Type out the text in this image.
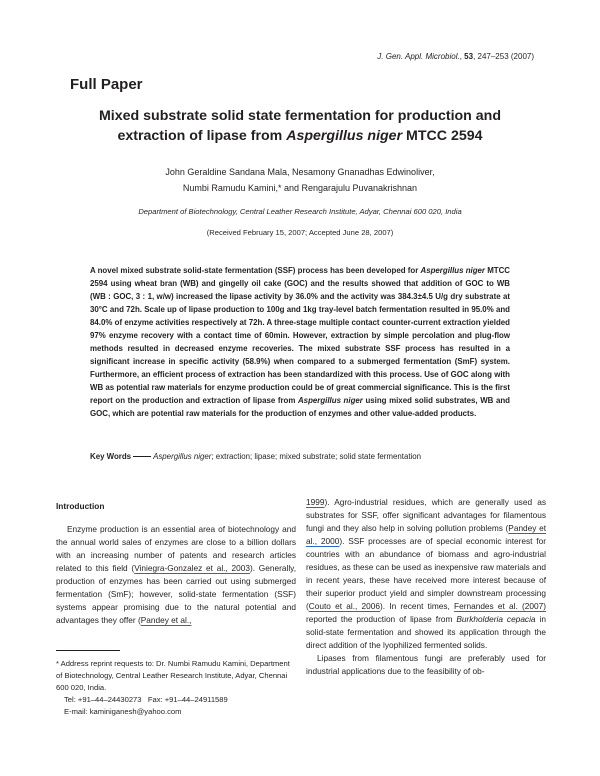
J. Gen. Appl. Microbiol., 53, 247–253 (2007)
Full Paper
Mixed substrate solid state fermentation for production and
extraction of lipase from Aspergillus niger MTCC 2594
John Geraldine Sandana Mala, Nesamony Gnanadhas Edwinoliver,
Numbi Ramudu Kamini,* and Rengarajulu Puvanakrishnan
Department of Biotechnology, Central Leather Research Institute, Adyar, Chennai 600 020, India
(Received February 15, 2007; Accepted June 28, 2007)

A novel mixed substrate solid-state fermentation (SSF) process has been developed for Aspergillus niger MTCC 2594 using wheat bran (WB) and gingelly oil cake (GOC) and the results showed that addition of GOC to WB (WB : GOC, 3 : 1, w/w) increased the lipase activity by 36.0% and the activity was 384.3±4.5 U/g dry substrate at 30°C and 72h. Scale up of lipase production to 100g and 1kg tray-level batch fermentation resulted in 95.0% and 84.0% of enzyme activities respectively at 72h. A three-stage multiple contact counter-current extraction yielded 97% enzyme recovery with a contact time of 60min. However, extraction by simple percolation and plug-flow methods resulted in decreased enzyme recoveries. The mixed substrate SSF process has resulted in a significant increase in specific activity (58.9%) when compared to a submerged fermentation (SmF) system. Furthermore, an efficient process of extraction has been standardized with this process. Use of GOC along with WB as potential raw materials for enzyme production could be of great commercial significance. This is the first report on the production and extraction of lipase from Aspergillus niger using mixed solid substrates, WB and GOC, which are potential raw materials for the production of enzymes and other value-added products.

Key Words	Aspergillus niger; extraction; lipase; mixed substrate; solid state fermentation

Introduction

Enzyme production is an essential area of biotechnology and the annual world sales of enzymes are close to a billion dollars with an increasing number of patents and research articles related to this field (Viniegra-Gonzalez et al., 2003). Generally, production of enzymes has been carried out using submerged fermentation (SmF); however, solid-state fermentation (SSF) systems appear promising due to the natural potential and advantages they offer (Pandey et al.,

* Address reprint requests to: Dr. Numbi Ramudu Kamini, Department of Biotechnology, Central Leather Research Institute, Adyar, Chennai 600 020, India.

Tel: +91–44–24430273 Fax: +91–44–24911589

E-mail: kaminiganesh@yahoo.com

1999). Agro-industrial residues, which are generally used as substrates for SSF, offer significant advantages for filamentous fungi and they also help in solving pollution problems (Pandey et al., 2000). SSF processes are of special economic interest for countries with an abundance of biomass and agro-industrial residues, as these can be used as inexpensive raw materials and in recent years, these have received more interest because of their superior product yield and simpler downstream processing (Couto et al., 2006). In recent times, Fernandes et al. (2007) reported the production of lipase from Burkholderia cepacia in solid-state fermentation and showed its application through the direct addition of the lyophilized fermented solids.

Lipases from filamentous fungi are preferably used for industrial applications due to the feasibility of ob-
